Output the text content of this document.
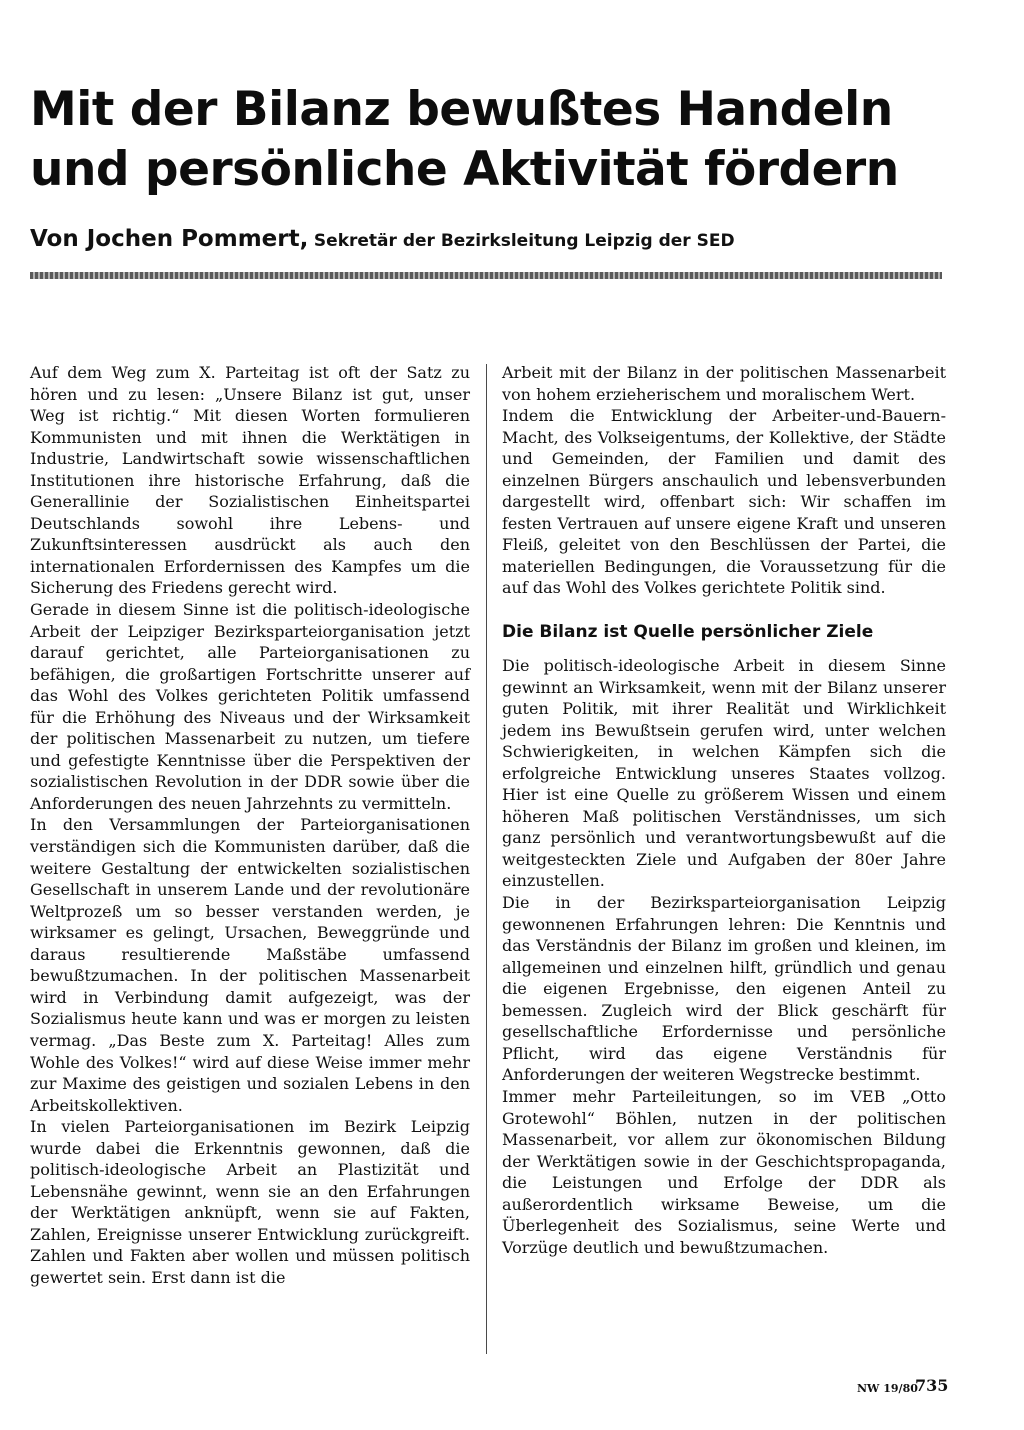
Mit der Bilanz bewußtes Handeln
und persönliche Aktivität fördern
Von Jochen Pommert, Sekretär der Bezirksleitung Leipzig der SED

Auf dem Weg zum X. Parteitag ist oft der Satz zu hören und zu lesen: „Unsere Bilanz ist gut, unser Weg ist richtig.“ Mit diesen Worten formulieren Kommunisten und mit ihnen die Werktätigen in Industrie, Landwirtschaft sowie wissenschaftlichen Institutionen ihre historische Erfahrung, daß die Generallinie der Sozialistischen Einheitspartei Deutschlands sowohl ihre Lebens- und Zukunftsinteressen ausdrückt als auch den internationalen Erfordernissen des Kampfes um die Sicherung des Friedens gerecht wird.

Gerade in diesem Sinne ist die politisch-ideologische Arbeit der Leipziger Bezirksparteiorganisation jetzt darauf gerichtet, alle Parteiorganisationen zu befähigen, die großartigen Fortschritte unserer auf das Wohl des Volkes gerichteten Politik umfassend für die Erhöhung des Niveaus und der Wirksamkeit der politischen Massenarbeit zu nutzen, um tiefere und gefestigte Kenntnisse über die Perspektiven der sozialistischen Revolution in der DDR sowie über die Anforderungen des neuen Jahrzehnts zu vermitteln.

In den Versammlungen der Parteiorganisationen verständigen sich die Kommunisten darüber, daß die weitere Gestaltung der entwickelten sozialistischen Gesellschaft in unserem Lande und der revolutionäre Weltprozeß um so besser verstanden werden, je wirksamer es gelingt, Ursachen, Beweggründe und daraus resultierende Maßstäbe umfassend bewußtzumachen. In der politischen Massenarbeit wird in Verbindung damit aufgezeigt, was der Sozialismus heute kann und was er morgen zu leisten vermag. „Das Beste zum X. Parteitag! Alles zum Wohle des Volkes!“ wird auf diese Weise immer mehr zur Maxime des geistigen und sozialen Lebens in den Arbeitskollektiven.

In vielen Parteiorganisationen im Bezirk Leipzig wurde dabei die Erkenntnis gewonnen, daß die politisch-ideologische Arbeit an Plastizität und Lebensnähe gewinnt, wenn sie an den Erfahrungen der Werktätigen anknüpft, wenn sie auf Fakten, Zahlen, Ereignisse unserer Entwicklung zurückgreift. Zahlen und Fakten aber wollen und müssen politisch gewertet sein. Erst dann ist die

Arbeit mit der Bilanz in der politischen Massenarbeit von hohem erzieherischem und moralischem Wert.

Indem die Entwicklung der Arbeiter-und-Bauern-Macht, des Volkseigentums, der Kollektive, der Städte und Gemeinden, der Familien und damit des einzelnen Bürgers anschaulich und lebensverbunden dargestellt wird, offenbart sich: Wir schaffen im festen Vertrauen auf unsere eigene Kraft und unseren Fleiß, geleitet von den Beschlüssen der Partei, die materiellen Bedingungen, die Voraussetzung für die auf das Wohl des Volkes gerichtete Politik sind.

Die Bilanz ist Quelle persönlicher Ziele

Die politisch-ideologische Arbeit in diesem Sinne gewinnt an Wirksamkeit, wenn mit der Bilanz unserer guten Politik, mit ihrer Realität und Wirklichkeit jedem ins Bewußtsein gerufen wird, unter welchen Schwierigkeiten, in welchen Kämpfen sich die erfolgreiche Entwicklung unseres Staates vollzog. Hier ist eine Quelle zu größerem Wissen und einem höheren Maß politischen Verständnisses, um sich ganz persönlich und verantwortungsbewußt auf die weitgesteckten Ziele und Aufgaben der 80er Jahre einzustellen.

Die in der Bezirksparteiorganisation Leipzig gewonnenen Erfahrungen lehren: Die Kenntnis und das Verständnis der Bilanz im großen und kleinen, im allgemeinen und einzelnen hilft, gründlich und genau die eigenen Ergebnisse, den eigenen Anteil zu bemessen. Zugleich wird der Blick geschärft für gesellschaftliche Erfordernisse und persönliche Pflicht, wird das eigene Verständnis für Anforderungen der weiteren Wegstrecke bestimmt.

Immer mehr Parteileitungen, so im VEB „Otto Grotewohl“ Böhlen, nutzen in der politischen Massenarbeit, vor allem zur ökonomischen Bildung der Werktätigen sowie in der Geschichtspropaganda, die Leistungen und Erfolge der DDR als außerordentlich wirksame Beweise, um die Überlegenheit des Sozialismus, seine Werte und Vorzüge deutlich und bewußtzumachen.

NW 19/80
735
